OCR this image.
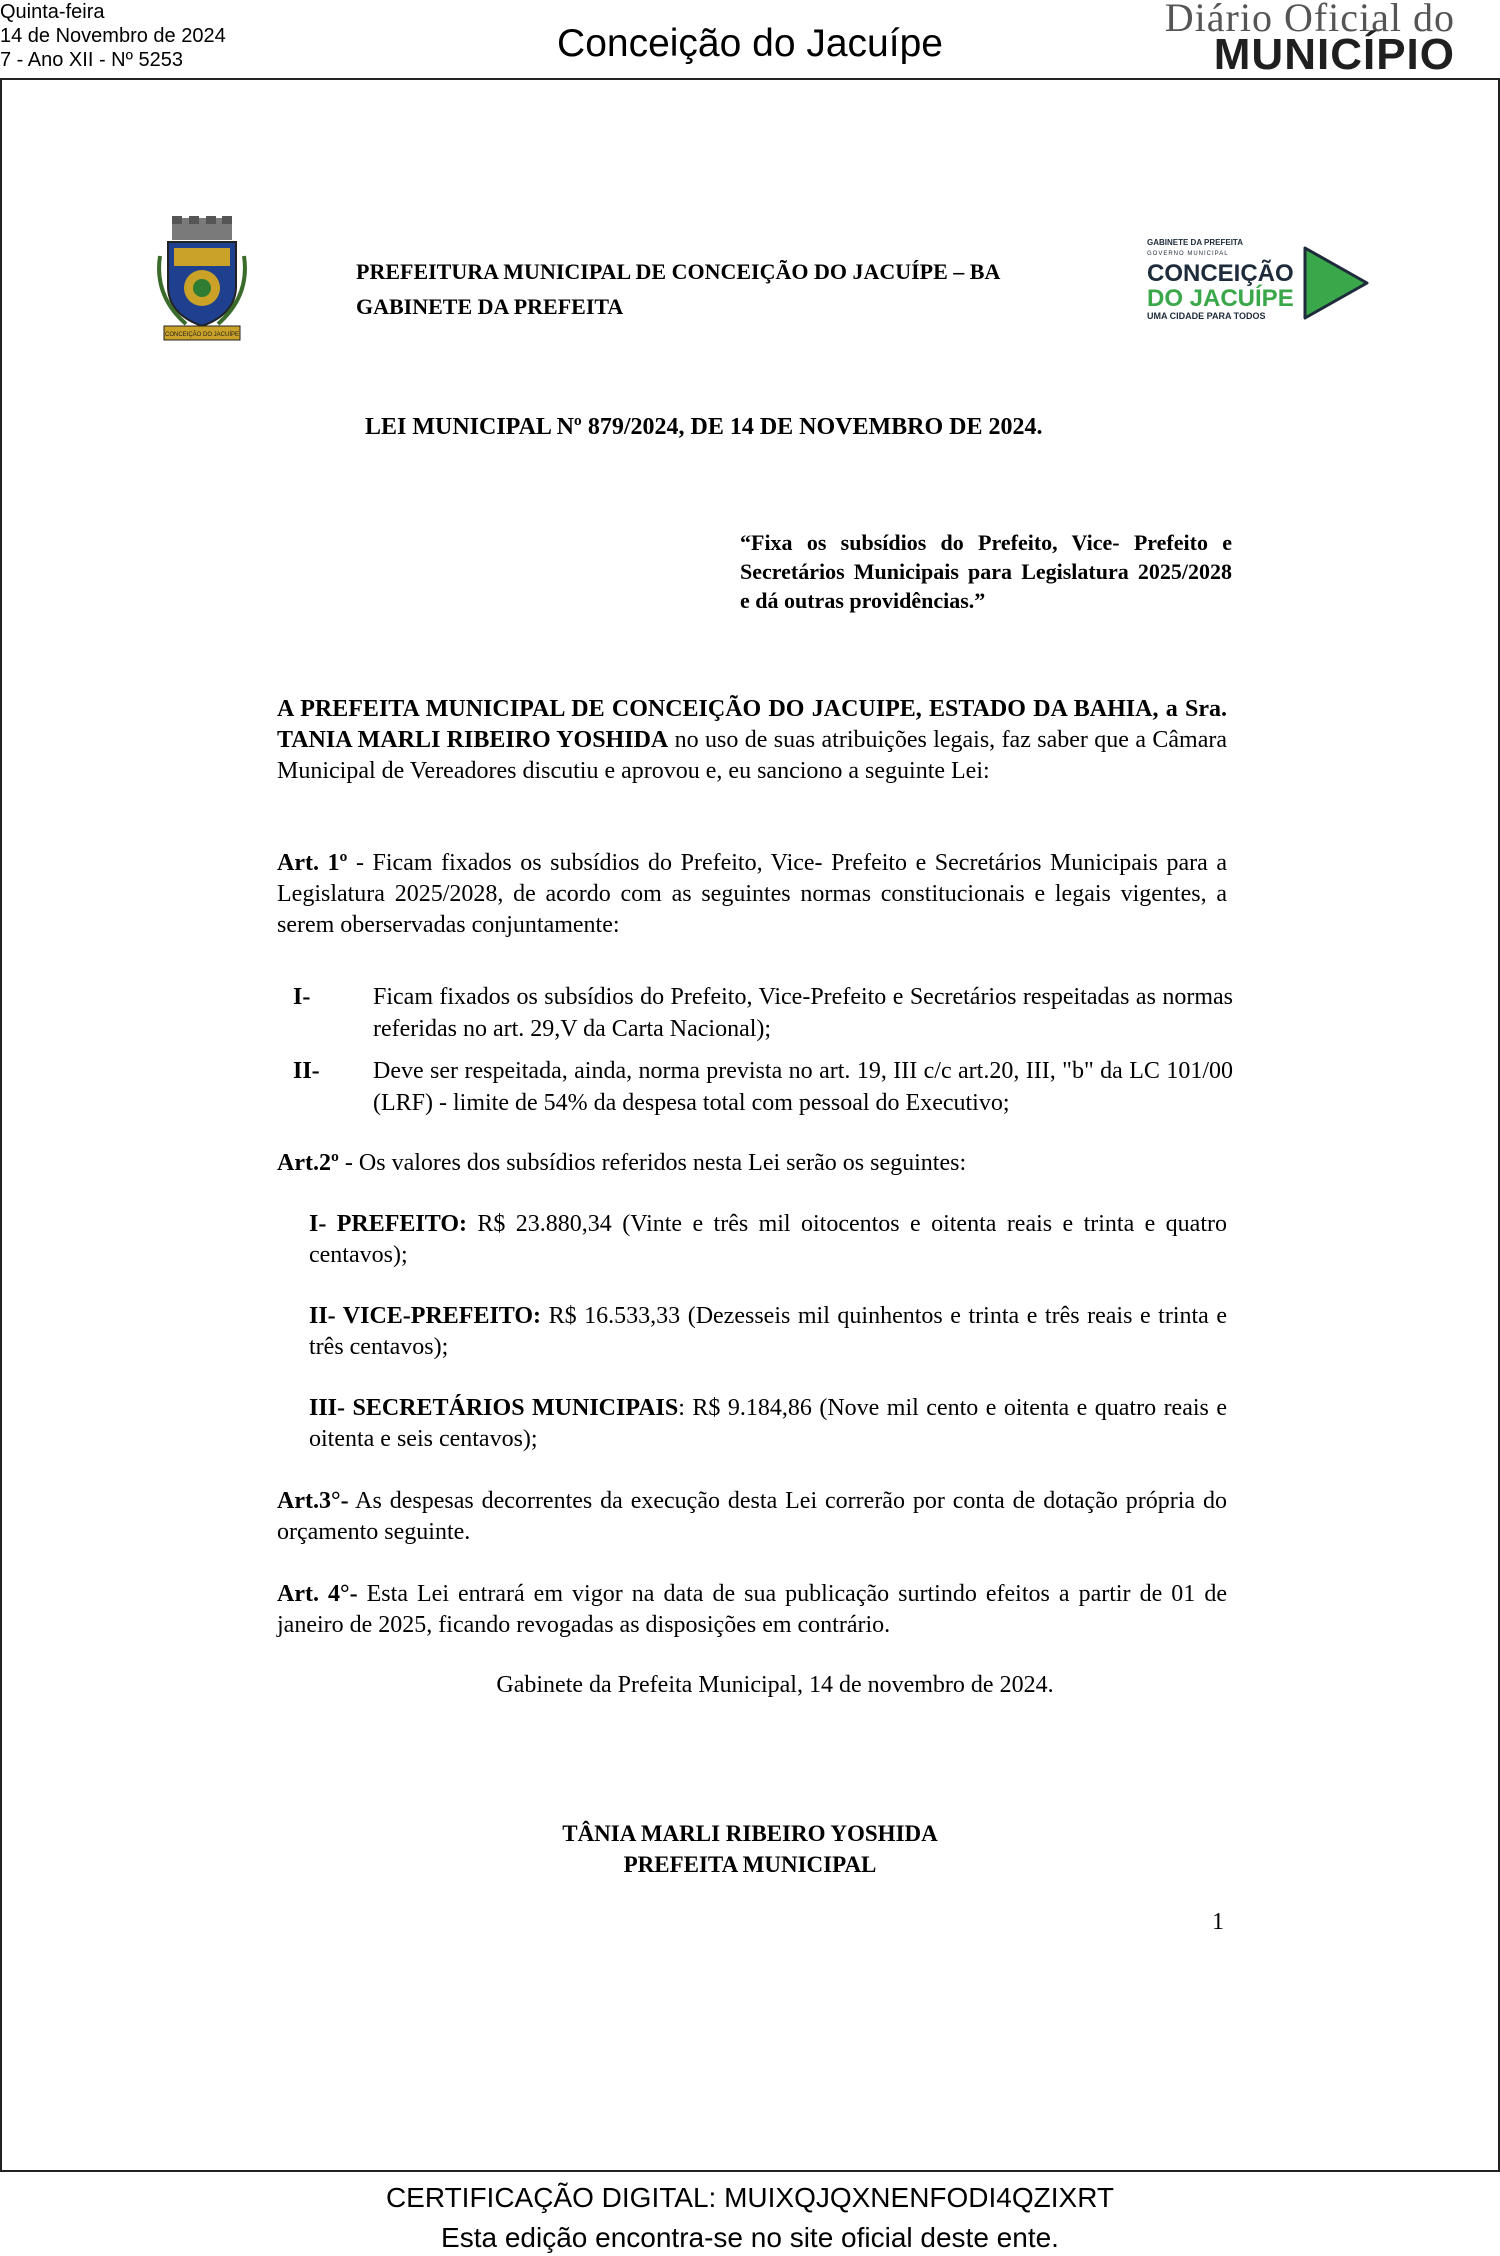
Quinta-feira
14 de Novembro de 2024
7 - Ano XII - Nº 5253	Conceição do Jacuípe
Diário Oficial do
MUNICÍPIO
CONCEIÇÃO DO JACUÍPE
PREFEITURA MUNICIPAL DE CONCEIÇÃO DO JACUÍPE – BA
GABINETE DA PREFEITA
GABINETE DA PREFEITA
GOVERNO MUNICIPAL
CONCEIÇÃO
DO JACUÍPE
UMA CIDADE PARA TODOS
LEI MUNICIPAL Nº 879/2024, DE 14 DE NOVEMBRO DE 2024.
“Fixa os subsídios do Prefeito, Vice- Prefeito e Secretários Municipais para Legislatura 2025/2028 e dá outras providências.”
A PREFEITA MUNICIPAL DE CONCEIÇÃO DO JACUIPE, ESTADO DA BAHIA, a Sra. TANIA MARLI RIBEIRO YOSHIDA no uso de suas atribuições legais, faz saber que a Câmara Municipal de Vereadores discutiu e aprovou e, eu sanciono a seguinte Lei:
Art. 1º - Ficam fixados os subsídios do Prefeito, Vice- Prefeito e Secretários Municipais para a Legislatura 2025/2028, de acordo com as seguintes normas constitucionais e legais vigentes, a serem oberservadas conjuntamente:
I-	Ficam fixados os subsídios do Prefeito, Vice-Prefeito e Secretários respeitadas as normas referidas no art. 29,V da Carta Nacional);
II- Deve ser respeitada, ainda, norma prevista no art. 19, III c/c art.20, III, "b" da LC 101/00 (LRF) - limite de 54% da despesa total com pessoal do Executivo;
Art.2º - Os valores dos subsídios referidos nesta Lei serão os seguintes:
I- PREFEITO: R$ 23.880,34 (Vinte e três mil oitocentos e oitenta reais e trinta e quatro centavos);
II- VICE-PREFEITO: R$ 16.533,33 (Dezesseis mil quinhentos e trinta e três reais e trinta e três centavos);
III- SECRETÁRIOS MUNICIPAIS: R$ 9.184,86 (Nove mil cento e oitenta e quatro reais e oitenta e seis centavos);
Art.3°- As despesas decorrentes da execução desta Lei correrão por conta de dotação própria do orçamento seguinte.
Art. 4°- Esta Lei entrará em vigor na data de sua publicação surtindo efeitos a partir de 01 de janeiro de 2025, ficando revogadas as disposições em contrário.
Gabinete da Prefeita Municipal, 14 de novembro de 2024.
TÂNIA MARLI RIBEIRO YOSHIDA
PREFEITA MUNICIPAL
1
CERTIFICAÇÃO DIGITAL: MUIXQJQXNENFODI4QZIXRT
Esta edição encontra-se no site oficial deste ente.
